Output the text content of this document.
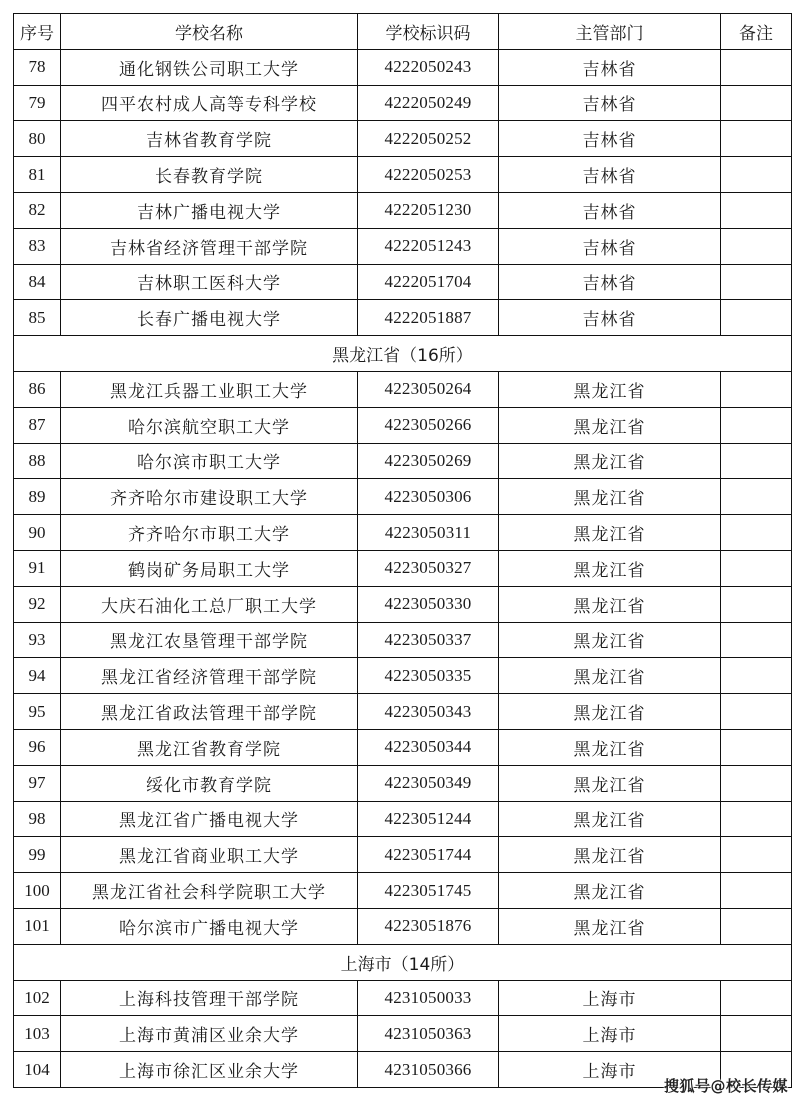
序号	学校名称	学校标识码	主管部门	备注
78	通化钢铁公司职工大学	4222050243	吉林省	
79	四平农村成人高等专科学校	4222050249	吉林省	
80	吉林省教育学院	4222050252	吉林省	
81	长春教育学院	4222050253	吉林省	
82	吉林广播电视大学	4222051230	吉林省	
83	吉林省经济管理干部学院	4222051243	吉林省	
84	吉林职工医科大学	4222051704	吉林省	
85	长春广播电视大学	4222051887	吉林省	
黑龙江省（16所）				
86	黑龙江兵器工业职工大学	4223050264	黑龙江省	
87	哈尔滨航空职工大学	4223050266	黑龙江省	
88	哈尔滨市职工大学	4223050269	黑龙江省	
89	齐齐哈尔市建设职工大学	4223050306	黑龙江省	
90	齐齐哈尔市职工大学	4223050311	黑龙江省	
91	鹤岗矿务局职工大学	4223050327	黑龙江省	
92	大庆石油化工总厂职工大学	4223050330	黑龙江省	
93	黑龙江农垦管理干部学院	4223050337	黑龙江省	
94	黑龙江省经济管理干部学院	4223050335	黑龙江省	
95	黑龙江省政法管理干部学院	4223050343	黑龙江省	
96	黑龙江省教育学院	4223050344	黑龙江省	
97	绥化市教育学院	4223050349	黑龙江省	
98	黑龙江省广播电视大学	4223051244	黑龙江省	
99	黑龙江省商业职工大学	4223051744	黑龙江省	
100	黑龙江省社会科学院职工大学	4223051745	黑龙江省	
101	哈尔滨市广播电视大学	4223051876	黑龙江省	
上海市（14所）				
102	上海科技管理干部学院	4231050033	上海市	
103	上海市黄浦区业余大学	4231050363	上海市	
104	上海市徐汇区业余大学	4231050366	上海市	
搜狐号@校长传媒
